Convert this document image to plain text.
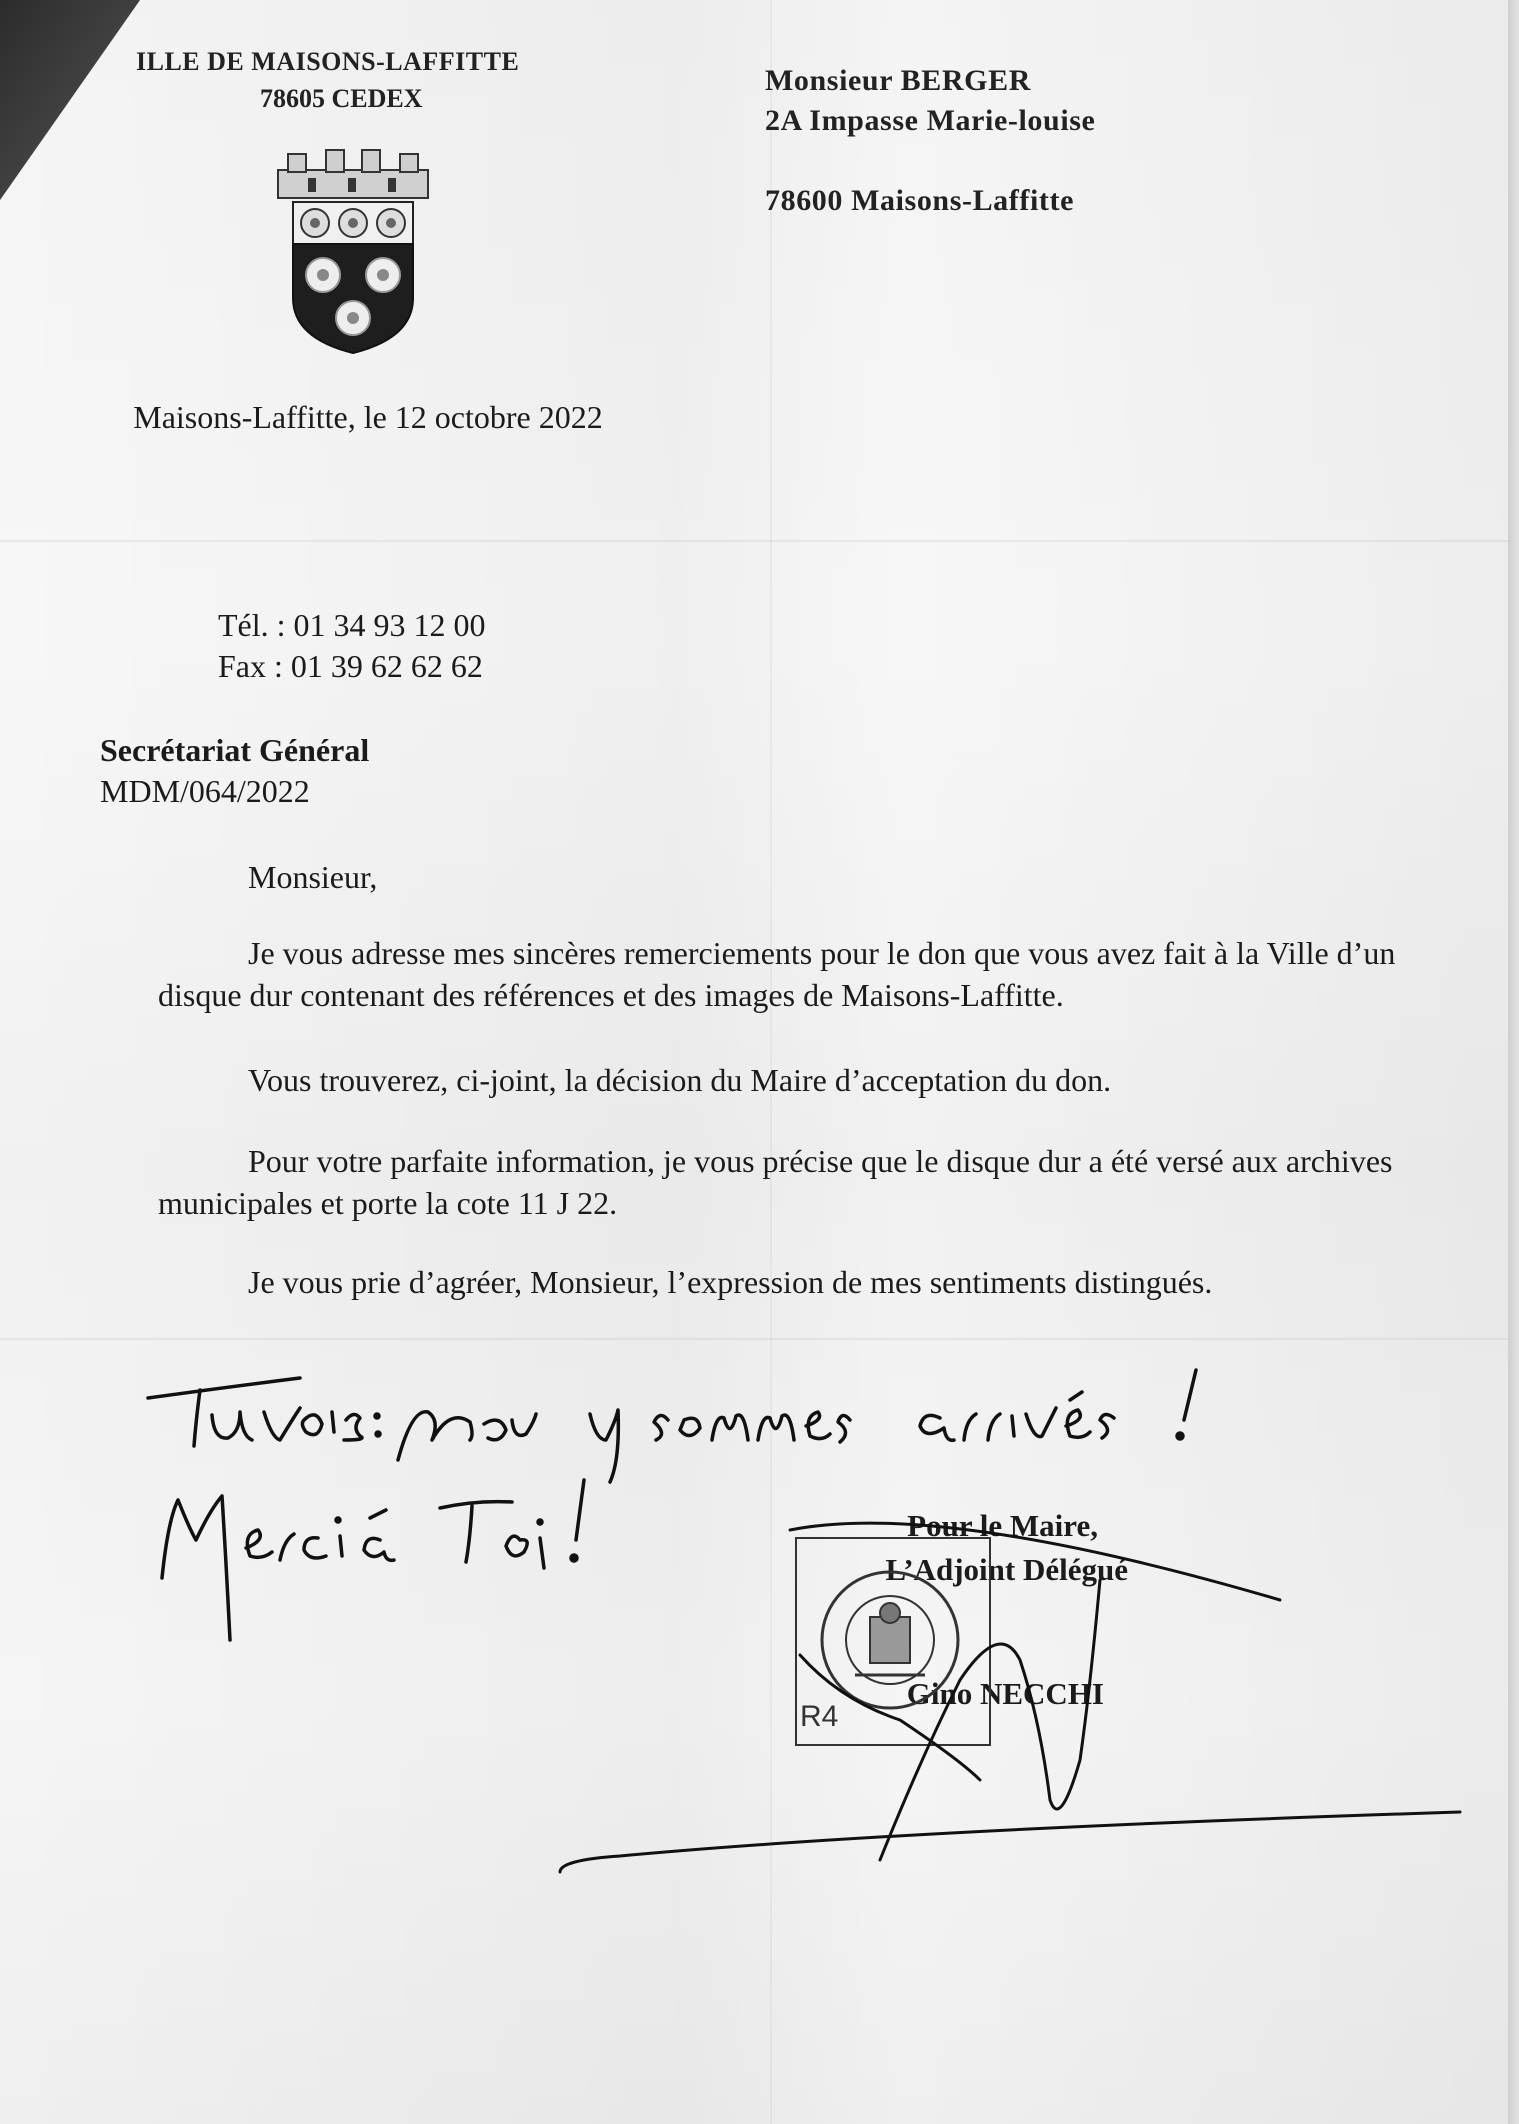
ILLE DE MAISONS-LAFFITTE
78605 CEDEX
Monsieur BERGER
2A Impasse Marie-louise
78600 Maisons-Laffitte
Maisons-Laffitte, le 12 octobre 2022
Tél. : 01 34 93 12 00
Fax : 01 39 62 62 62
Secrétariat Général
MDM/064/2022
Monsieur,
Je vous adresse mes sincères remerciements pour le don que vous avez fait à la Ville d’un disque dur contenant des références et des images de Maisons-Laffitte.
Vous trouverez, ci-joint, la décision du Maire d’acceptation du don.
Pour votre parfaite information, je vous précise que le disque dur a été versé aux archives municipales et porte la cote 11 J 22.
Je vous prie d’agréer, Monsieur, l’expression de mes sentiments distingués.
Pour le Maire,
L’Adjoint Délégué
Gino NECCHI
R4
